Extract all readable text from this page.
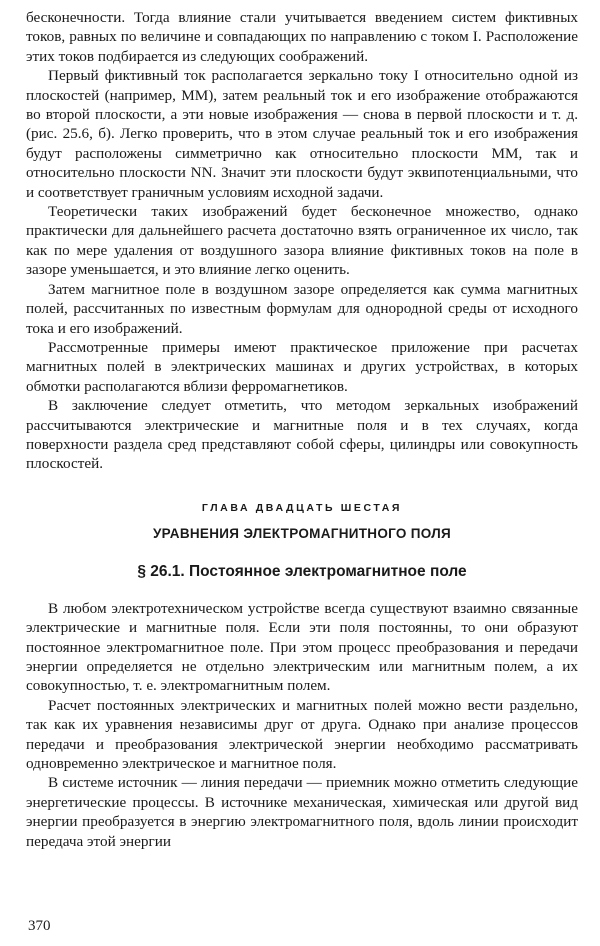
бесконечности. Тогда влияние стали учитывается введением систем фиктивных токов, равных по величине и совпадающих по направлению с током I. Расположение этих токов подбирается из следующих соображений.

Первый фиктивный ток располагается зеркально току I относительно одной из плоскостей (например, MM), затем реальный ток и его изображение отображаются во второй плоскости, а эти новые изображения — снова в первой плоскости и т. д. (рис. 25.6, б). Легко проверить, что в этом случае реальный ток и его изображения будут расположены симметрично как относительно плоскости MM, так и относительно плоскости NN. Значит эти плоскости будут эквипотенциальными, что и соответствует граничным условиям исходной задачи.

Теоретически таких изображений будет бесконечное множество, однако практически для дальнейшего расчета достаточно взять ограниченное их число, так как по мере удаления от воздушного зазора влияние фиктивных токов на поле в зазоре уменьшается, и это влияние легко оценить.

Затем магнитное поле в воздушном зазоре определяется как сумма магнитных полей, рассчитанных по известным формулам для однородной среды от исходного тока и его изображений.

Рассмотренные примеры имеют практическое приложение при расчетах магнитных полей в электрических машинах и других устройствах, в которых обмотки располагаются вблизи ферромагнетиков.

В заключение следует отметить, что методом зеркальных изображений рассчитываются электрические и магнитные поля и в тех случаях, когда поверхности раздела сред представляют собой сферы, цилиндры или совокупность плоскостей.

ГЛАВА ДВАДЦАТЬ ШЕСТАЯ
УРАВНЕНИЯ ЭЛЕКТРОМАГНИТНОГО ПОЛЯ
§ 26.1. Постоянное электромагнитное поле

В любом электротехническом устройстве всегда существуют взаимно связанные электрические и магнитные поля. Если эти поля постоянны, то они образуют постоянное электромагнитное поле. При этом процесс преобразования и передачи энергии определяется не отдельно электрическим или магнитным полем, а их совокупностью, т. е. электромагнитным полем.

Расчет постоянных электрических и магнитных полей можно вести раздельно, так как их уравнения независимы друг от друга. Однако при анализе процессов передачи и преобразования электрической энергии необходимо рассматривать одновременно электрическое и магнитное поля.

В системе источник — линия передачи — приемник можно отметить следующие энергетические процессы. В источнике механическая, химическая или другой вид энергии преобразуется в энергию электромагнитного поля, вдоль линии происходит передача этой энергии

370
